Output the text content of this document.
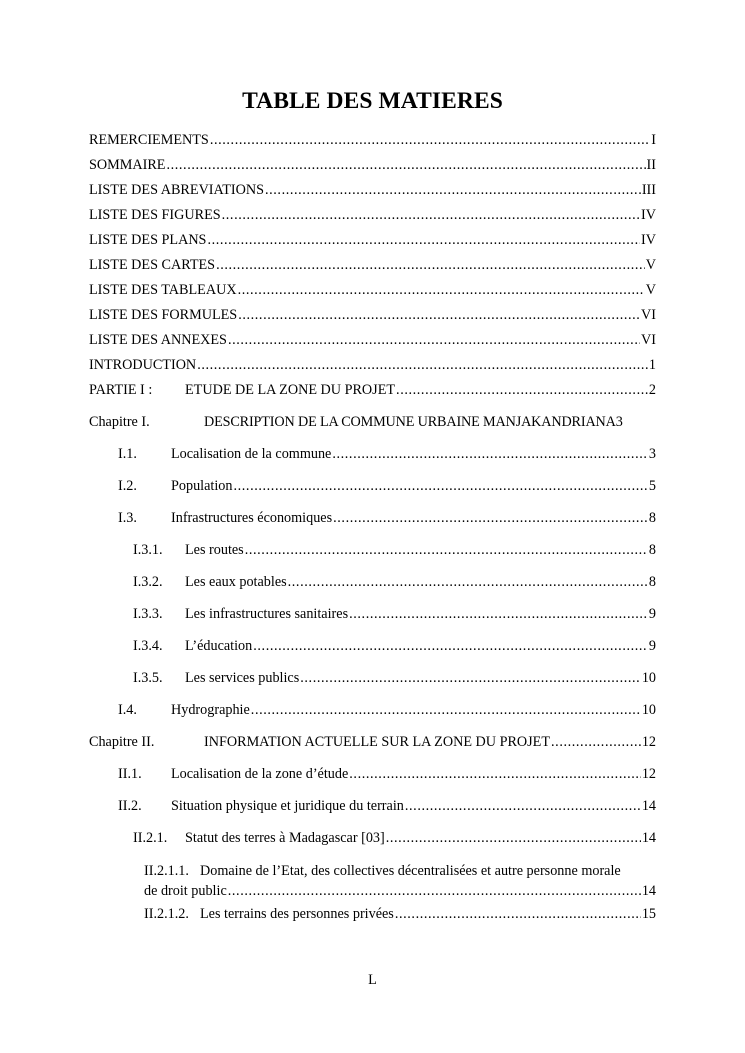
TABLE DES MATIERES
REMERCIEMENTS .....	I
SOMMAIRE .....	II
LISTE DES ABREVIATIONS .....	III
LISTE DES FIGURES .....	IV
LISTE DES PLANS .....	IV
LISTE DES CARTES .....	V
LISTE DES TABLEAUX .....	V
LISTE DES FORMULES .....	VI
LISTE DES ANNEXES .....	VI
INTRODUCTION .....	1
PARTIE I :	ETUDE DE LA ZONE DU PROJET .....	2
Chapitre I.	DESCRIPTION DE LA COMMUNE URBAINE MANJAKANDRIANA 3
I.1.	Localisation de la commune .....	3
I.2.	Population .....	5
I.3.	Infrastructures économiques .....	8
I.3.1.	Les routes .....	8
I.3.2.	Les eaux potables .....	8
I.3.3.	Les infrastructures sanitaires .....	9
I.3.4.	L’éducation .....	9
I.3.5.	Les services publics .....	10
I.4.	Hydrographie .....	10
Chapitre II.	INFORMATION ACTUELLE SUR LA ZONE DU PROJET .....	12
II.1.	Localisation de la zone d’étude .....	12
II.2.	Situation physique et juridique du terrain .....	14
II.2.1.	Statut des terres à Madagascar [03] .....	14
II.2.1.1. Domaine de l’Etat, des collectives décentralisées et autre personne morale
de droit public .....	14
II.2.1.2. Les terrains des personnes privées .....	15
L
